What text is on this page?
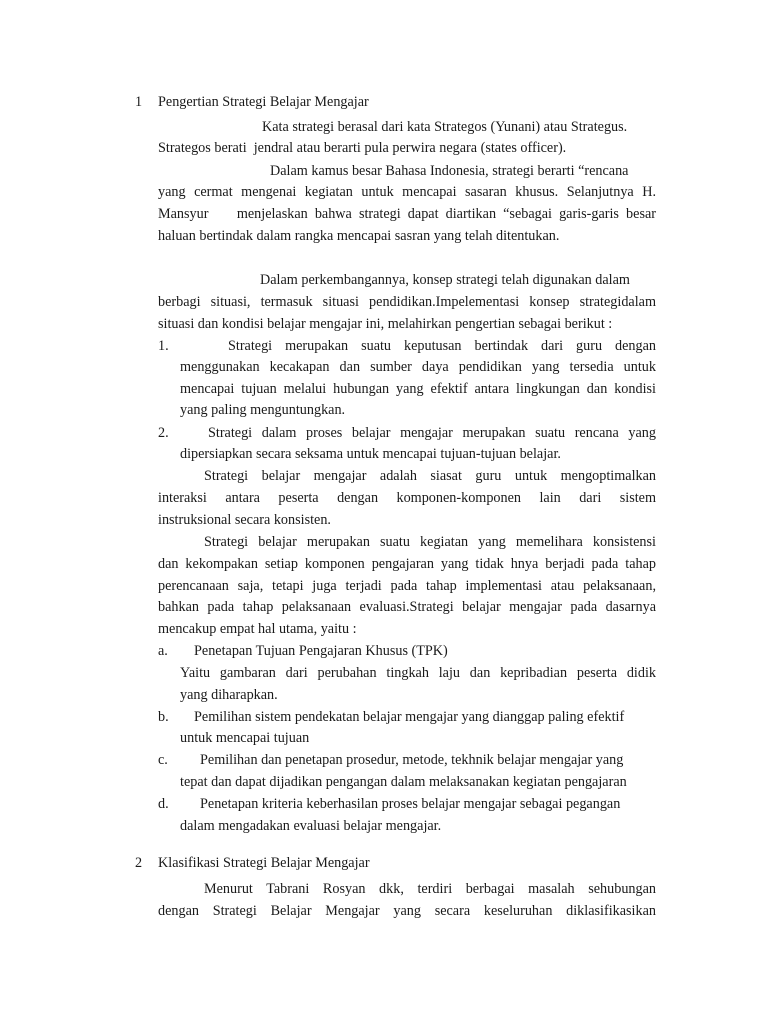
1 Pengertian Strategi Belajar Mengajar
Kata strategi berasal dari kata Strategos (Yunani) atau Strategus.
Strategos berati  jendral atau berarti pula perwira negara (states officer).
Dalam kamus besar Bahasa Indonesia, strategi berarti “rencana
yang cermat mengenai kegiatan untuk mencapai sasaran khusus. Selanjutnya H.
Mansyur    menjelaskan bahwa strategi dapat diartikan “sebagai garis-garis besar
haluan bertindak dalam rangka mencapai sasran yang telah ditentukan.
Dalam perkembangannya, konsep strategi telah digunakan dalam
berbagi situasi, termasuk situasi pendidikan.Impelementasi konsep strategidalam
situasi dan kondisi belajar mengajar ini, melahirkan pengertian sebagai berikut :
1.	Strategi merupakan suatu keputusan bertindak dari guru dengan
menggunakan kecakapan dan sumber daya pendidikan yang tersedia untuk
mencapai tujuan melalui hubungan yang efektif antara lingkungan dan kondisi
yang paling menguntungkan.
2.	Strategi dalam proses belajar mengajar merupakan suatu rencana yang
dipersiapkan secara seksama untuk mencapai tujuan-tujuan belajar.
Strategi belajar mengajar adalah siasat guru untuk mengoptimalkan
interaksi antara peserta dengan komponen-komponen lain dari sistem
instruksional secara konsisten.
Strategi belajar merupakan suatu kegiatan yang memelihara konsistensi
dan kekompakan setiap komponen pengajaran yang tidak hnya berjadi pada tahap
perencanaan saja, tetapi juga terjadi pada tahap implementasi atau pelaksanaan,
bahkan pada tahap pelaksanaan evaluasi.Strategi belajar mengajar pada dasarnya
mencakup empat hal utama, yaitu :
a. Penetapan Tujuan Pengajaran Khusus (TPK)
Yaitu gambaran dari perubahan tingkah laju dan kepribadian peserta didik
yang diharapkan.
b. Pemilihan sistem pendekatan belajar mengajar yang dianggap paling efektif
untuk mencapai tujuan
c. Pemilihan dan penetapan prosedur, metode, tekhnik belajar mengajar yang
tepat dan dapat dijadikan pengangan dalam melaksanakan kegiatan pengajaran
d. Penetapan kriteria keberhasilan proses belajar mengajar sebagai pegangan
dalam mengadakan evaluasi belajar mengajar.
2 Klasifikasi Strategi Belajar Mengajar
Menurut Tabrani Rosyan dkk, terdiri berbagai masalah sehubungan
dengan Strategi Belajar Mengajar yang secara keseluruhan diklasifikasikan
